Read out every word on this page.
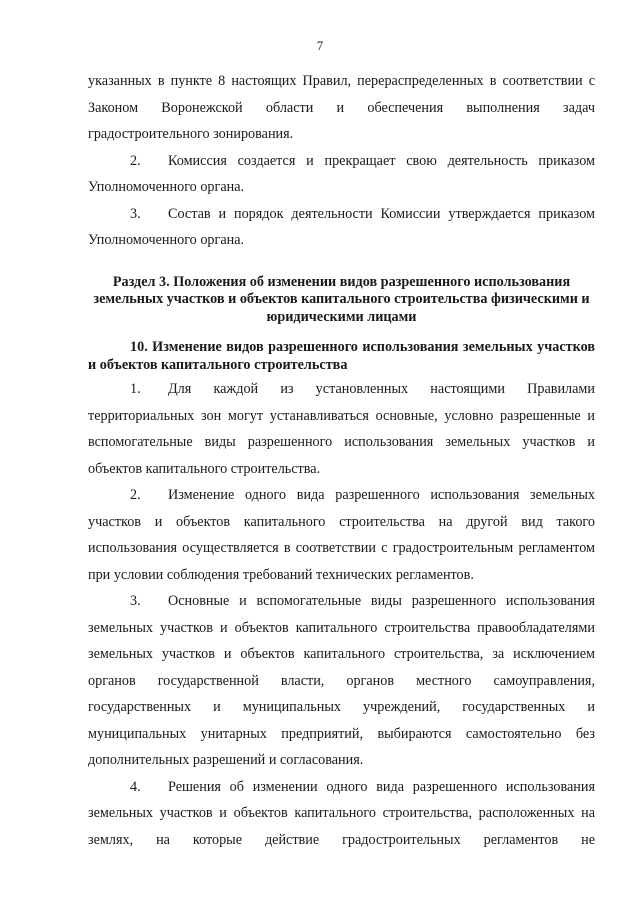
7

указанных в пункте 8 настоящих Правил, перераспределенных в соответствии с Законом Воронежской области и обеспечения выполнения задач градостроительного зонирования.

2. Комиссия создается и прекращает свою деятельность приказом Уполномоченного органа.

3. Состав и порядок деятельности Комиссии утверждается приказом Уполномоченного органа.

Раздел 3. Положения об изменении видов разрешенного использования земельных участков и объектов капитального строительства физическими и юридическими лицами

10. Изменение видов разрешенного использования земельных участков и объектов капитального строительства

1. Для каждой из установленных настоящими Правилами территориальных зон могут устанавливаться основные, условно разрешенные и вспомогательные виды разрешенного использования земельных участков и объектов капитального строительства.

2. Изменение одного вида разрешенного использования земельных участков и объектов капитального строительства на другой вид такого использования осуществляется в соответствии с градостроительным регламентом при условии соблюдения требований технических регламентов.

3. Основные и вспомогательные виды разрешенного использования земельных участков и объектов капитального строительства правообладателями земельных участков и объектов капитального строительства, за исключением органов государственной власти, органов местного самоуправления, государственных и муниципальных учреждений, государственных и муниципальных унитарных предприятий, выбираются самостоятельно без дополнительных разрешений и согласования.

4. Решения об изменении одного вида разрешенного использования земельных участков и объектов капитального строительства, расположенных на землях, на которые действие градостроительных регламентов не
